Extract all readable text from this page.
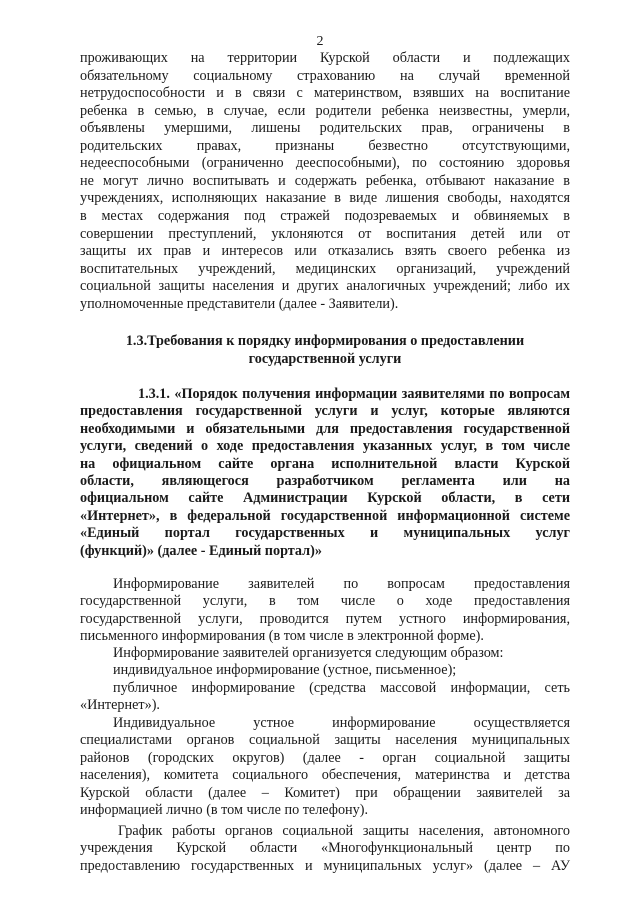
2
проживающих на территории Курской области и подлежащих
обязательному социальному страхованию на случай временной
нетрудоспособности и в связи с материнством, взявших на воспитание
ребенка в семью, в случае, если родители ребенка неизвестны, умерли,
объявлены умершими, лишены родительских прав, ограничены в
родительских правах, признаны безвестно отсутствующими,
недееспособными (ограниченно дееспособными), по состоянию здоровья
не могут лично воспитывать и содержать ребенка, отбывают наказание в
учреждениях, исполняющих наказание в виде лишения свободы, находятся
в местах содержания под стражей подозреваемых и обвиняемых в
совершении преступлений, уклоняются от воспитания детей или от
защиты их прав и интересов или отказались взять своего ребенка из
воспитательных учреждений, медицинских организаций, учреждений
социальной защиты населения и других аналогичных учреждений; либо их
уполномоченные представители (далее - Заявители).
1.3.Требования к порядку информирования о предоставлении
государственной услуги
1.3.1. «Порядок получения информации заявителями по вопросам
предоставления государственной услуги и услуг, которые являются
необходимыми и обязательными для предоставления государственной
услуги, сведений о ходе предоставления указанных услуг, в том числе
на официальном сайте органа исполнительной власти Курской
области, являющегося разработчиком регламента или на
официальном сайте Администрации Курской области, в сети
«Интернет», в федеральной государственной информационной системе
«Единый портал государственных и муниципальных услуг
(функций)» (далее - Единый портал)»
Информирование заявителей по вопросам предоставления
государственной услуги, в том числе о ходе предоставления
государственной услуги, проводится путем устного информирования,
письменного информирования (в том числе в электронной форме).
Информирование заявителей организуется следующим образом:
индивидуальное информирование (устное, письменное);
публичное информирование (средства массовой информации, сеть
«Интернет»).
Индивидуальное устное информирование осуществляется
специалистами органов социальной защиты населения муниципальных
районов (городских округов) (далее - орган социальной защиты
населения), комитета социального обеспечения, материнства и детства
Курской области (далее – Комитет) при обращении заявителей за
информацией лично (в том числе по телефону).
График работы органов социальной защиты населения, автономного
учреждения Курской области «Многофункциональный центр по
предоставлению государственных и муниципальных услуг» (далее – АУ
